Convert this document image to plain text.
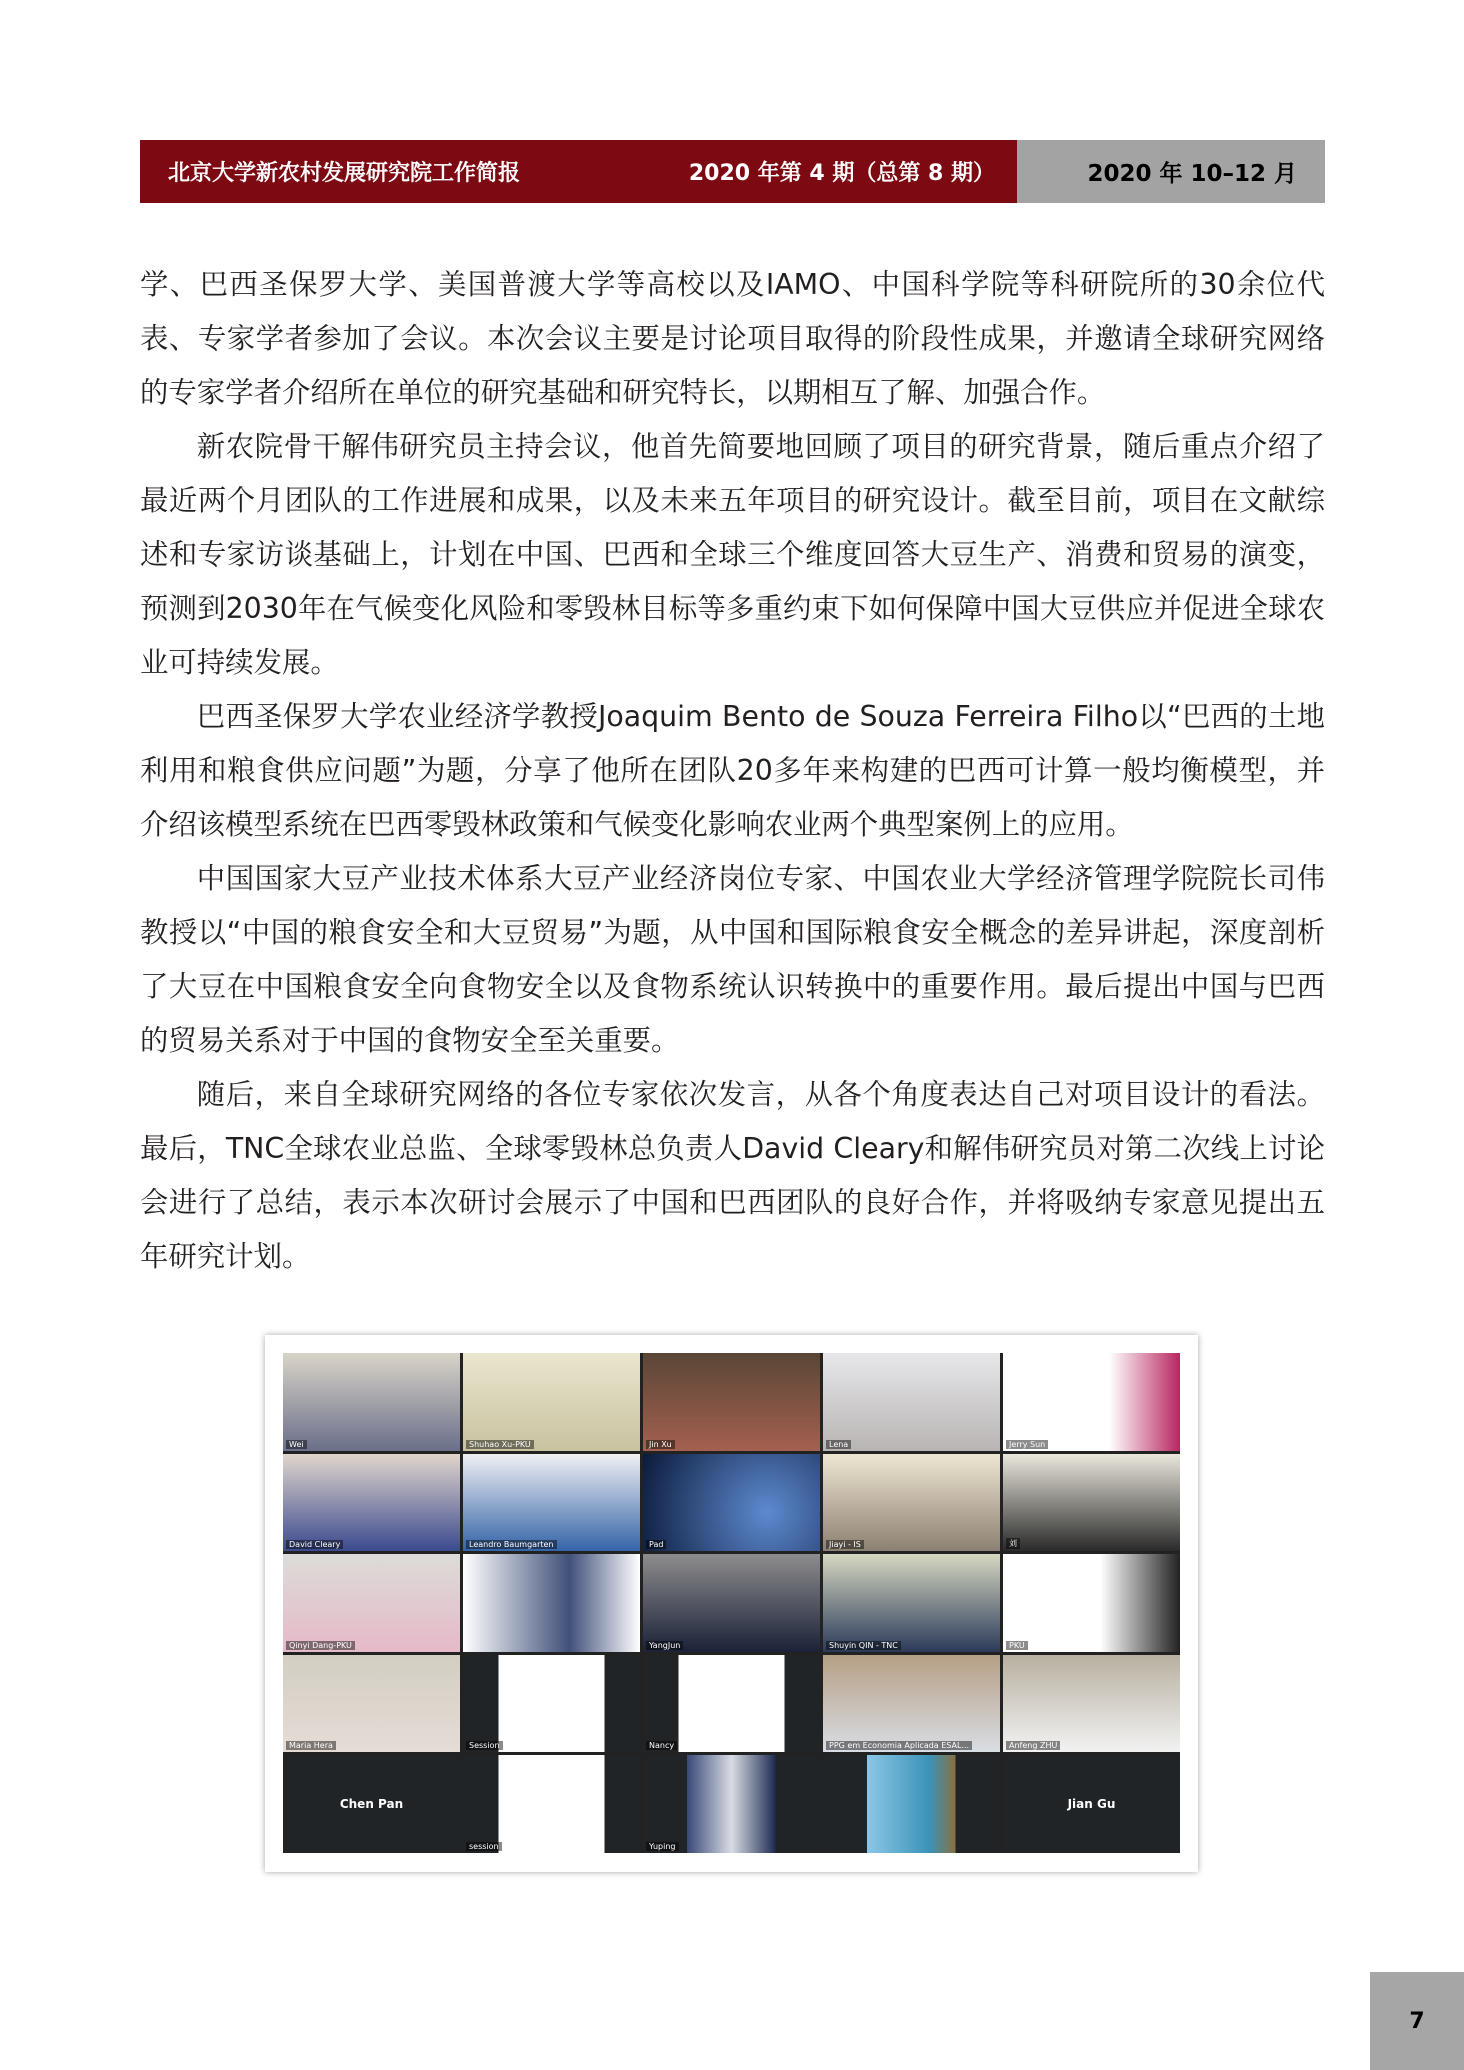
北京大学新农村发展研究院工作简报	2020 年第 4 期（总第 8 期）	2020 年 10–12 月

学、巴西圣保罗大学、美国普渡大学等高校以及IAMO、中国科学院等科研院所的30余位代表、专家学者参加了会议。本次会议主要是讨论项目取得的阶段性成果，并邀请全球研究网络的专家学者介绍所在单位的研究基础和研究特长，以期相互了解、加强合作。

新农院骨干解伟研究员主持会议，他首先简要地回顾了项目的研究背景，随后重点介绍了最近两个月团队的工作进展和成果，以及未来五年项目的研究设计。截至目前，项目在文献综述和专家访谈基础上，计划在中国、巴西和全球三个维度回答大豆生产、消费和贸易的演变，预测到2030年在气候变化风险和零毁林目标等多重约束下如何保障中国大豆供应并促进全球农业可持续发展。

巴西圣保罗大学农业经济学教授Joaquim Bento de Souza Ferreira Filho以“巴西的土地利用和粮食供应问题”为题，分享了他所在团队20多年来构建的巴西可计算一般均衡模型，并介绍该模型系统在巴西零毁林政策和气候变化影响农业两个典型案例上的应用。

中国国家大豆产业技术体系大豆产业经济岗位专家、中国农业大学经济管理学院院长司伟教授以“中国的粮食安全和大豆贸易”为题，从中国和国际粮食安全概念的差异讲起，深度剖析了大豆在中国粮食安全向食物安全以及食物系统认识转换中的重要作用。最后提出中国与巴西的贸易关系对于中国的食物安全至关重要。

随后，来自全球研究网络的各位专家依次发言，从各个角度表达自己对项目设计的看法。最后，TNC全球农业总监、全球零毁林总负责人David Cleary和解伟研究员对第二次线上讨论会进行了总结，表示本次研讨会展示了中国和巴西团队的良好合作，并将吸纳专家意见提出五年研究计划。

Wei	Shuhao Xu-PKU	Jin Xu	Lena	Jerry Sun
David Cleary	Leandro Baumgarten	Pad	Jiayi - IS	刘
Qinyi Dang-PKU	YangJun	Shuyin QIN - TNC	PKU
Maria Hera	Session	Nancy	PPG em Economia Aplicada ESAL...	Anfeng ZHU
Chen Pan
session	Yuping
Jian Gu
7
